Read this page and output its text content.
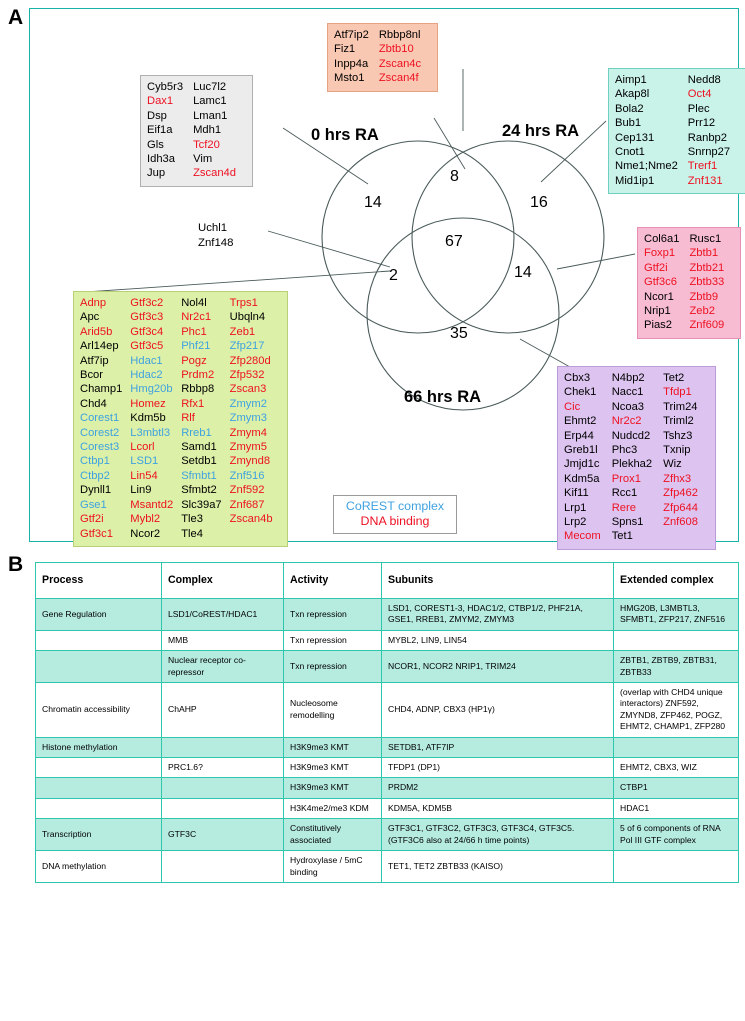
A
B
Cyb5r3	Luc7l2
Dax1	Lamc1
Dsp	Lman1
Eif1a	Mdh1
Gls	Tcf20
Idh3a	Vim
Jup	Zscan4d
Atf7ip2	Rbbp8nl
Fiz1	Zbtb10
Inpp4a	Zscan4c
Msto1	Zscan4f	Aimp1	Nedd8
Akap8l	Oct4
Bola2	Plec
Bub1	Prr12
Cep131	Ranbp2
Cnot1	Snrnp27
Nme1;Nme2	Trerf1
Mid1ip1	Znf131
Col6a1	Rusc1
Foxp1	Zbtb1
Gtf2i	Zbtb21
Gtf3c6	Zbtb33
Ncor1	Zbtb9
Nrip1	Zeb2
Pias2	Znf609
Adnp	Gtf3c2	Nol4l	Trps1
Apc	Gtf3c3	Nr2c1	Ubqln4
Arid5b	Gtf3c4	Phc1	Zeb1
Arl14ep	Gtf3c5	Phf21	Zfp217
Atf7ip	Hdac1	Pogz	Zfp280d
Bcor	Hdac2	Prdm2	Zfp532
Champ1	Hmg20b	Rbbp8	Zscan3
Chd4	Homez	Rfx1	Zmym2
Corest1	Kdm5b	Rlf	Zmym3
Corest2	L3mbtl3	Rreb1	Zmym4
Corest3	Lcorl	Samd1	Zmym5
Ctbp1	LSD1	Setdb1	Zmynd8
Ctbp2	Lin54	Sfmbt1	Znf516
Dynll1	Lin9	Sfmbt2	Znf592
Gse1	Msantd2	Slc39a7	Znf687
Gtf2i	Mybl2	Tle3	Zscan4b
Gtf3c1	Ncor2	Tle4	
Cbx3	N4bp2	Tet2
Chek1	Nacc1	Tfdp1
Cic	Ncoa3	Trim24
Ehmt2	Nr2c2	Triml2
Erp44	Nudcd2	Tshz3
Greb1l	Phc3	Txnip
Jmjd1c	Plekha2	Wiz
Kdm5a	Prox1	Zfhx3
Kif11	Rcc1	Zfp462
Lrp1	Rere	Zfp644
Lrp2	Spns1	Znf608
Mecom	Tet1	
Uchl1
Znf148
0 hrs RA	24 hrs RA
66 hrs RA
14
8
16
67
2	14
35
CoREST complex
DNA binding
Process	Complex	Activity	Subunits	Extended complex
Gene Regulation	LSD1/CoREST/HDAC1	Txn repression	LSD1, COREST1-3, HDAC1/2, CTBP1/2, PHF21A, GSE1, RREB1, ZMYM2, ZMYM3	HMG20B, L3MBTL3, SFMBT1, ZFP217, ZNF516
	MMB	Txn repression	MYBL2, LIN9, LIN54	
	Nuclear receptor co-repressor	Txn repression	NCOR1, NCOR2 NRIP1, TRIM24	ZBTB1, ZBTB9, ZBTB31, ZBTB33
Chromatin accessibility	ChAHP	Nucleosome remodelling	CHD4, ADNP, CBX3 (HP1γ)	(overlap with CHD4 unique interactors) ZNF592, ZMYND8, ZFP462, POGZ, EHMT2, CHAMP1, ZFP280
Histone methylation		H3K9me3 KMT	SETDB1, ATF7IP	
	PRC1.6?	H3K9me3 KMT	TFDP1 (DP1)	EHMT2, CBX3, WIZ
		H3K9me3 KMT	PRDM2	CTBP1
		H3K4me2/me3 KDM	KDM5A, KDM5B	HDAC1
Transcription	GTF3C	Constitutively associated	GTF3C1, GTF3C2, GTF3C3, GTF3C4, GTF3C5. (GTF3C6 also at 24/66 h time points)	5 of 6 components of RNA Pol III GTF complex
DNA methylation		Hydroxylase / 5mC binding	TET1, TET2 ZBTB33 (KAISO)	
